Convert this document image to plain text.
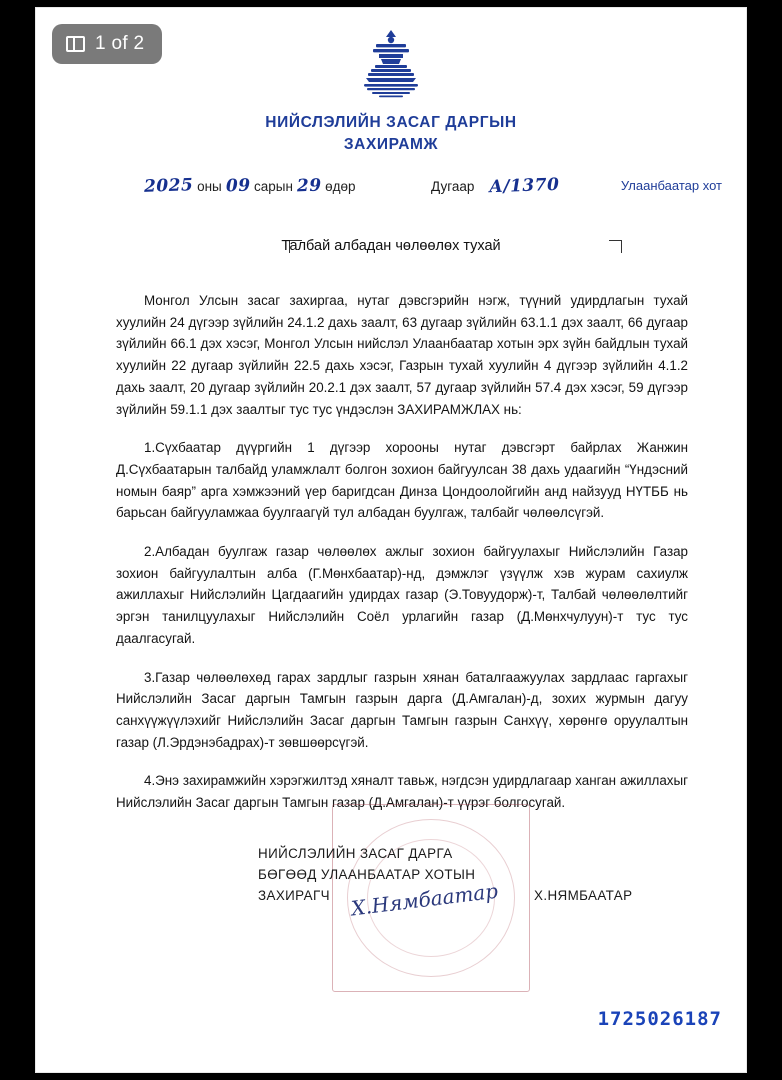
НИЙСЛЭЛИЙН ЗАСАГ ДАРГЫН
ЗАХИРАМЖ
2025 оны 09 сарын 29 өдөр	Дугаар А/1370	Улаанбаатар хот
Талбай албадан чөлөөлөх тухай

Монгол Улсын засаг захиргаа, нутаг дэвсгэрийн нэгж, түүний удирдлагын тухай хуулийн 24 дүгээр зүйлийн 24.1.2 дахь заалт, 63 дугаар зүйлийн 63.1.1 дэх заалт, 66 дугаар зүйлийн 66.1 дэх хэсэг, Монгол Улсын нийслэл Улаанбаатар хотын эрх зүйн байдлын тухай хуулийн 22 дугаар зүйлийн 22.5 дахь хэсэг, Газрын тухай хуулийн 4 дүгээр зүйлийн 4.1.2 дахь заалт, 20 дугаар зүйлийн 20.2.1 дэх заалт, 57 дугаар зүйлийн 57.4 дэх хэсэг, 59 дүгээр зүйлийн 59.1.1 дэх заалтыг тус тус үндэслэн ЗАХИРАМЖЛАХ нь:

1.Сүхбаатар дүүргийн 1 дүгээр хорооны нутаг дэвсгэрт байрлах Жанжин Д.Сүхбаатарын талбайд уламжлалт болгон зохион байгуулсан 38 дахь удаагийн “Үндэсний номын баяр” арга хэмжээний үер баригдсан Динза Цондоолойгийн анд найзууд НҮТББ нь барьсан байгууламжаа буулгаагүй тул албадан буулгаж, талбайг чөлөөлсүгэй.

2.Албадан буулгаж газар чөлөөлөх ажлыг зохион байгуулахыг Нийслэлийн Газар зохион байгуулалтын алба (Г.Мөнхбаатар)-нд, дэмжлэг үзүүлж хэв журам сахиулж ажиллахыг Нийслэлийн Цагдаагийн удирдах газар (Э.Товуудорж)-т, Талбай чөлөөлөлтийг эргэн танилцуулахыг Нийслэлийн Соёл урлагийн газар (Д.Мөнхчулуун)-т тус тус даалгасугай.

3.Газар чөлөөлөхөд гарах зардлыг газрын хянан баталгаажуулах зардлаас гаргахыг Нийслэлийн Засаг даргын Тамгын газрын дарга (Д.Амгалан)-д, зохих журмын дагуу санхүүжүүлэхийг Нийслэлийн Засаг даргын Тамгын газрын Санхүү, хөрөнгө оруулалтын газар (Л.Эрдэнэбадрах)-т зөвшөөрсүгэй.

4.Энэ захирамжийн хэрэгжилтэд хяналт тавьж, нэгдсэн удирдлагаар ханган ажиллахыг Нийслэлийн Засаг даргын Тамгын газар (Д.Амгалан)-т үүрэг болгосугай.

НИЙСЛЭЛИЙН ЗАСАГ ДАРГА
БӨГӨӨД УЛААНБААТАР ХОТЫН
ЗАХИРАГЧ Х.Нямбаатар	Х.НЯМБААТАР
1725026187
1 of 2
